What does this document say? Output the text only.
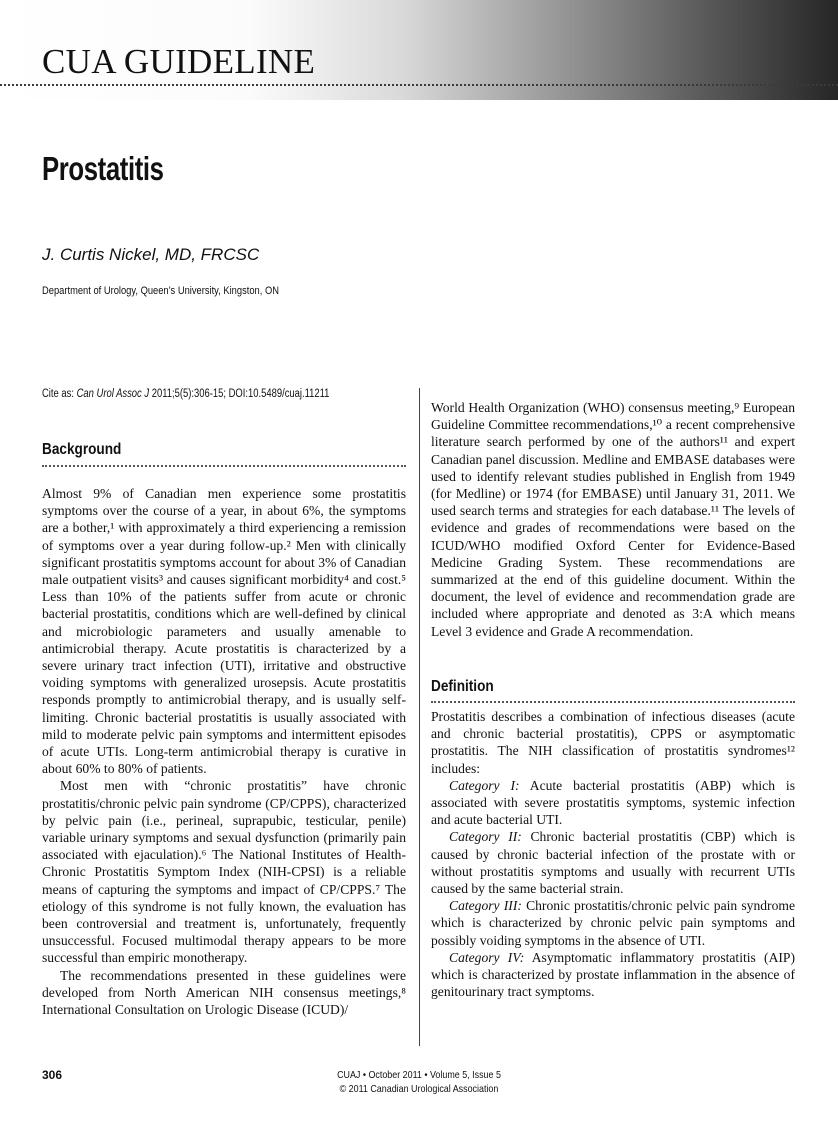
CUA GUIDELINE
Prostatitis

J. Curtis Nickel, MD, FRCSC

Department of Urology, Queen’s University, Kingston, ON

Cite as: Can Urol Assoc J 2011;5(5):306-15; DOI:10.5489/cuaj.11211

Background

Almost 9% of Canadian men experience some prostatitis symptoms over the course of a year, in about 6%, the symptoms are a bother,¹ with approximately a third experiencing a remission of symptoms over a year during follow-up.² Men with clinically significant prostatitis symptoms account for about 3% of Canadian male outpatient visits³ and causes significant morbidity⁴ and cost.⁵ Less than 10% of the patients suffer from acute or chronic bacterial prostatitis, conditions which are well-defined by clinical and microbiologic parameters and usually amenable to antimicrobial therapy. Acute prostatitis is characterized by a severe urinary tract infection (UTI), irritative and obstructive voiding symptoms with generalized urosepsis. Acute prostatitis responds promptly to antimicrobial therapy, and is usually self-limiting. Chronic bacterial prostatitis is usually associated with mild to moderate pelvic pain symptoms and intermittent episodes of acute UTIs. Long-term antimicrobial therapy is curative in about 60% to 80% of patients.

Most men with “chronic prostatitis” have chronic prostatitis/chronic pelvic pain syndrome (CP/CPPS), characterized by pelvic pain (i.e., perineal, suprapubic, testicular, penile) variable urinary symptoms and sexual dysfunction (primarily pain associated with ejaculation).⁶ The National Institutes of Health-Chronic Prostatitis Symptom Index (NIH-CPSI) is a reliable means of capturing the symptoms and impact of CP/CPPS.⁷ The etiology of this syndrome is not fully known, the evaluation has been controversial and treatment is, unfortunately, frequently unsuccessful. Focused multimodal therapy appears to be more successful than empiric monotherapy.

The recommendations presented in these guidelines were developed from North American NIH consensus meetings,⁸ International Consultation on Urologic Disease (ICUD)/

World Health Organization (WHO) consensus meeting,⁹ European Guideline Committee recommendations,¹⁰ a recent comprehensive literature search performed by one of the authors¹¹ and expert Canadian panel discussion. Medline and EMBASE databases were used to identify relevant studies published in English from 1949 (for Medline) or 1974 (for EMBASE) until January 31, 2011. We used search terms and strategies for each database.¹¹ The levels of evidence and grades of recommendations were based on the ICUD/WHO modified Oxford Center for Evidence-Based Medicine Grading System. These recommendations are summarized at the end of this guideline document. Within the document, the level of evidence and recommendation grade are included where appropriate and denoted as 3:A which means Level 3 evidence and Grade A recommendation.

Definition

Prostatitis describes a combination of infectious diseases (acute and chronic bacterial prostatitis), CPPS or asymptomatic prostatitis. The NIH classification of prostatitis syndromes¹² includes:

Category I: Acute bacterial prostatitis (ABP) which is associated with severe prostatitis symptoms, systemic infection and acute bacterial UTI.

Category II: Chronic bacterial prostatitis (CBP) which is caused by chronic bacterial infection of the prostate with or without prostatitis symptoms and usually with recurrent UTIs caused by the same bacterial strain.

Category III: Chronic prostatitis/chronic pelvic pain syndrome which is characterized by chronic pelvic pain symptoms and possibly voiding symptoms in the absence of UTI.

Category IV: Asymptomatic inflammatory prostatitis (AIP) which is characterized by prostate inflammation in the absence of genitourinary tract symptoms.

306	CUAJ • October 2011 • Volume 5, Issue 5
© 2011 Canadian Urological Association
